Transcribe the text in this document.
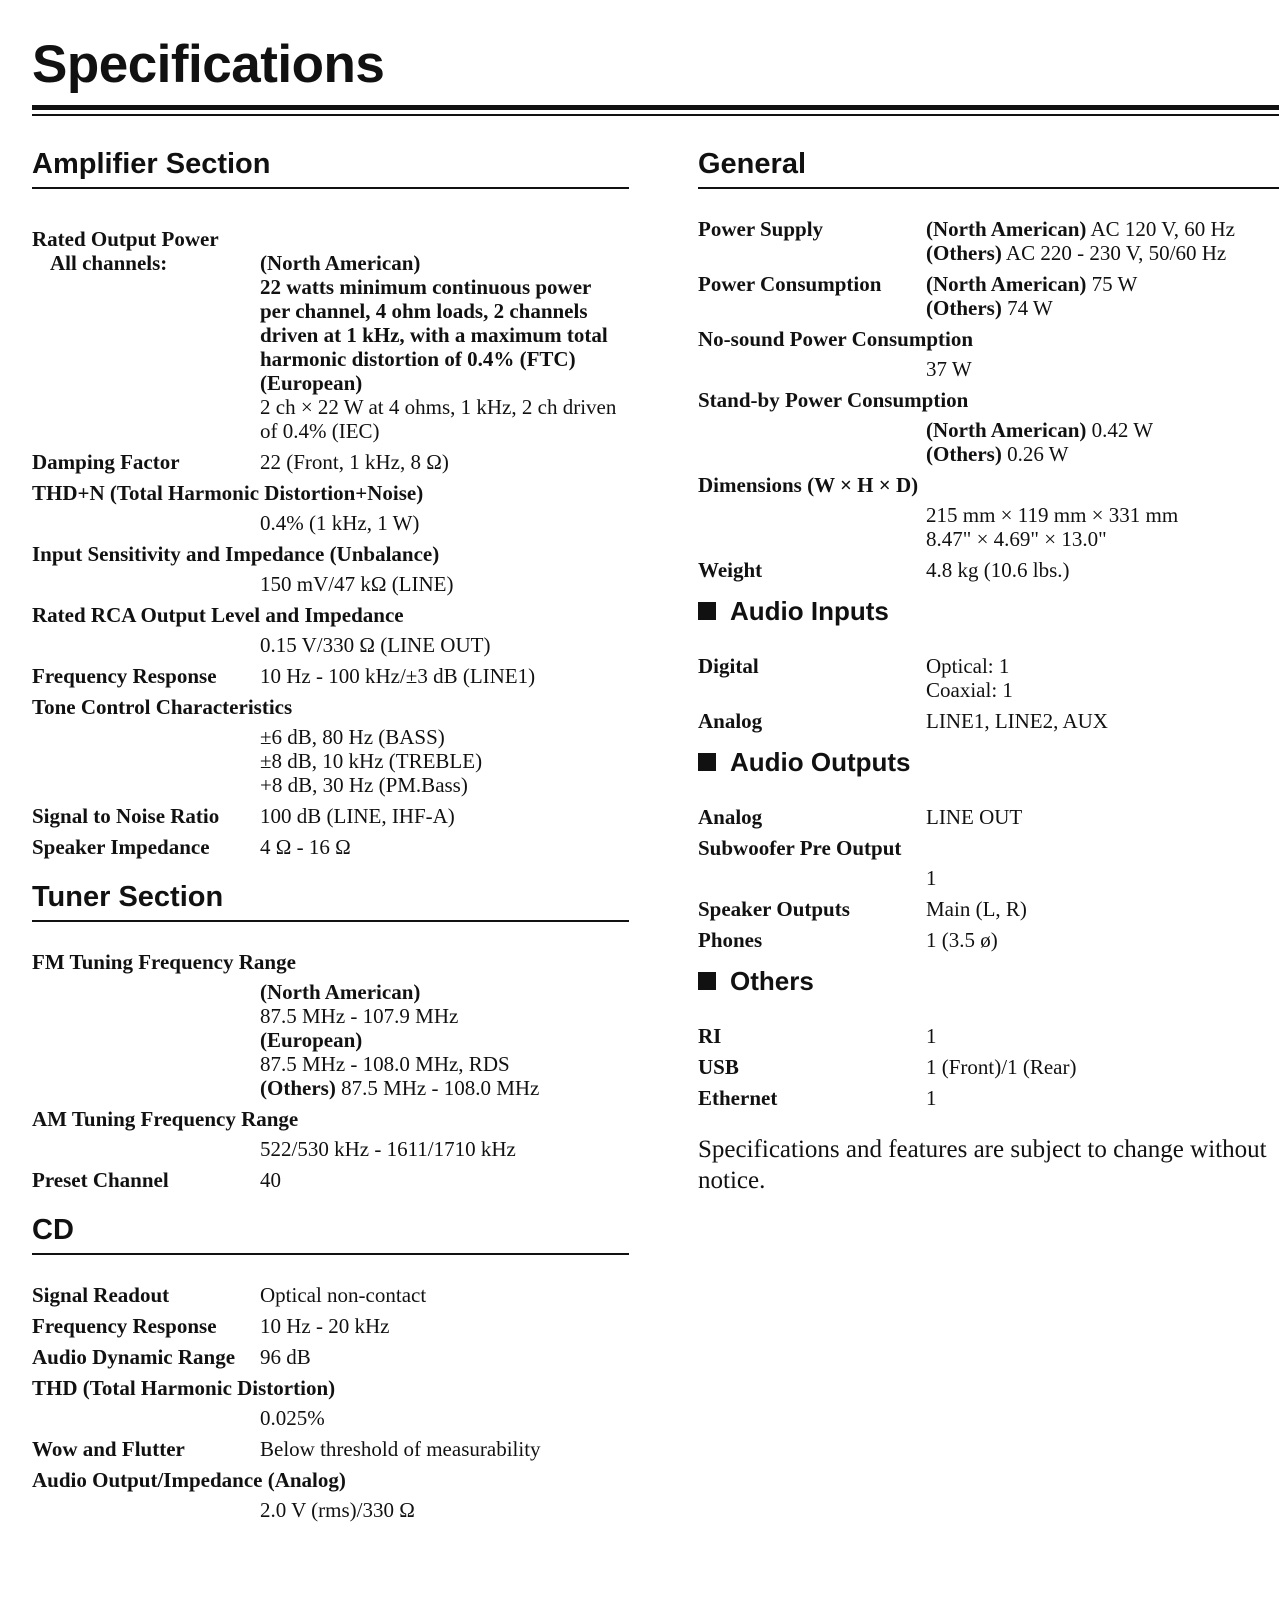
Specifications
Amplifier Section
Rated Output Power
All channels:	(North American)
22 watts minimum continuous power
per channel, 4 ohm loads, 2 channels
driven at 1 kHz, with a maximum total
harmonic distortion of 0.4% (FTC)
(European)
2 ch × 22 W at 4 ohms, 1 kHz, 2 ch driven
of 0.4% (IEC)
Damping Factor	22 (Front, 1 kHz, 8 Ω)
THD+N (Total Harmonic Distortion+Noise)
0.4% (1 kHz, 1 W)
Input Sensitivity and Impedance (Unbalance)
150 mV/47 kΩ (LINE)
Rated RCA Output Level and Impedance
0.15 V/330 Ω (LINE OUT)
Frequency Response	10 Hz - 100 kHz/±3 dB (LINE1)
Tone Control Characteristics
±6 dB, 80 Hz (BASS)
±8 dB, 10 kHz (TREBLE)
+8 dB, 30 Hz (PM.Bass)
Signal to Noise Ratio	100 dB (LINE, IHF-A)
Speaker Impedance	4 Ω - 16 Ω
Tuner Section
FM Tuning Frequency Range
(North American)
87.5 MHz - 107.9 MHz
(European)
87.5 MHz - 108.0 MHz, RDS
(Others) 87.5 MHz - 108.0 MHz
AM Tuning Frequency Range
522/530 kHz - 1611/1710 kHz
Preset Channel	40
CD
Signal Readout	Optical non-contact
Frequency Response	10 Hz - 20 kHz
Audio Dynamic Range	96 dB
THD (Total Harmonic Distortion)
0.025%
Wow and Flutter	Below threshold of measurability
Audio Output/Impedance (Analog)
2.0 V (rms)/330 Ω
General
Power Supply	(North American) AC 120 V, 60 Hz
(Others) AC 220 - 230 V, 50/60 Hz
Power Consumption	(North American) 75 W
(Others) 74 W
No-sound Power Consumption
37 W
Stand-by Power Consumption
(North American) 0.42 W
(Others) 0.26 W
Dimensions (W × H × D)
215 mm × 119 mm × 331 mm
8.47" × 4.69" × 13.0"
Weight	4.8 kg (10.6 lbs.)
Audio Inputs
Digital	Optical: 1
Coaxial: 1
Analog	LINE1, LINE2, AUX
Audio Outputs
Analog	LINE OUT
Subwoofer Pre Output
1
Speaker Outputs	Main (L, R)
Phones	1 (3.5 ø)
Others
RI	1
USB	1 (Front)/1 (Rear)
Ethernet	1
Specifications and features are subject to change without notice.
